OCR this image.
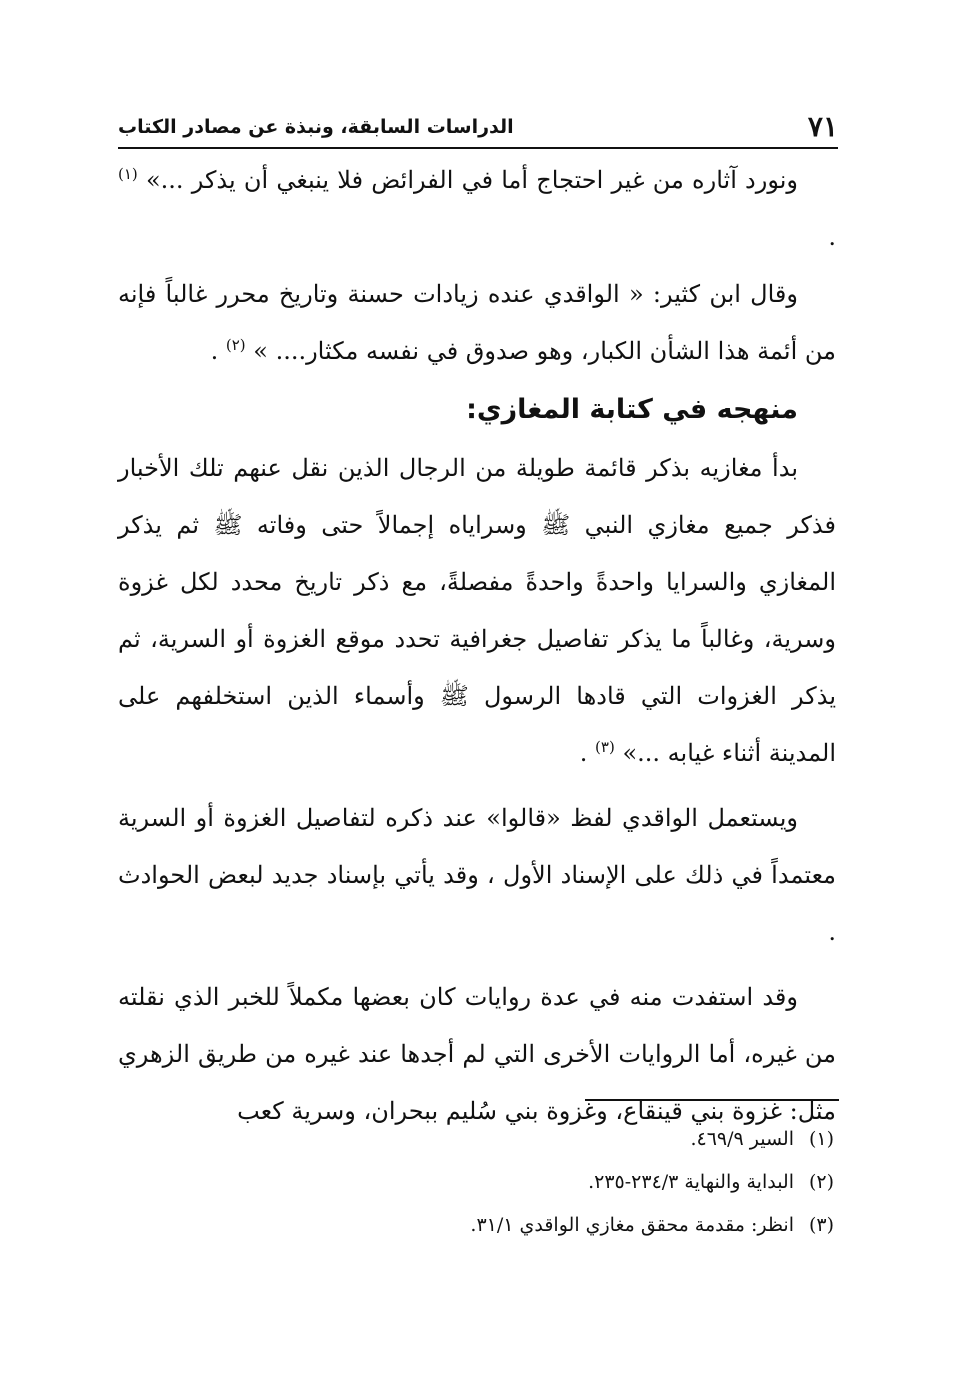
٧١
الدراسات السابقة، ونبذة عن مصادر الكتاب

ونورد آثاره من غير احتجاج أما في الفرائض فلا ينبغي أن يذكر ...» $^{(١)}$ .

وقال ابن كثير: « الواقدي عنده زيادات حسنة وتاريخ محرر غالباً فإنه من أئمة هذا الشأن الكبار، وهو صدوق في نفسه مكثار.... » $^{(٢)}$ .

منهجه في كتابة المغازي:

بدأ مغازيه بذكر قائمة طويلة من الرجال الذين نقل عنهم تلك الأخبار فذكر جميع مغازي النبي ﷺ وسراياه إجمالاً حتى وفاته ﷺ ثم يذكر المغازي والسرايا واحدةً واحدةً مفصلةً، مع ذكر تاريخ محدد لكل غزوة وسرية، وغالباً ما يذكر تفاصيل جغرافية تحدد موقع الغزوة أو السرية، ثم يذكر الغزوات التي قادها الرسول ﷺ وأسماء الذين استخلفهم على المدينة أثناء غيابه ...» $^{(٣)}$ .

ويستعمل الواقدي لفظ «قالوا» عند ذكره لتفاصيل الغزوة أو السرية معتمداً في ذلك على الإسناد الأول ، وقد يأتي بإسناد جديد لبعض الحوادث .

وقد استفدت منه في عدة روايات كان بعضها مكملاً للخبر الذي نقلته من غيره، أما الروايات الأخرى التي لم أجدها عند غيره من طريق الزهري مثل: غزوة بني قينقاع، وغزوة بني سُليم ببحران، وسرية كعب

(١)السير ٤٦٩/٩.

(٢)البداية والنهاية ٢٣٤/٣-٢٣٥.

(٣)انظر: مقدمة محقق مغازي الواقدي ٣١/١.
